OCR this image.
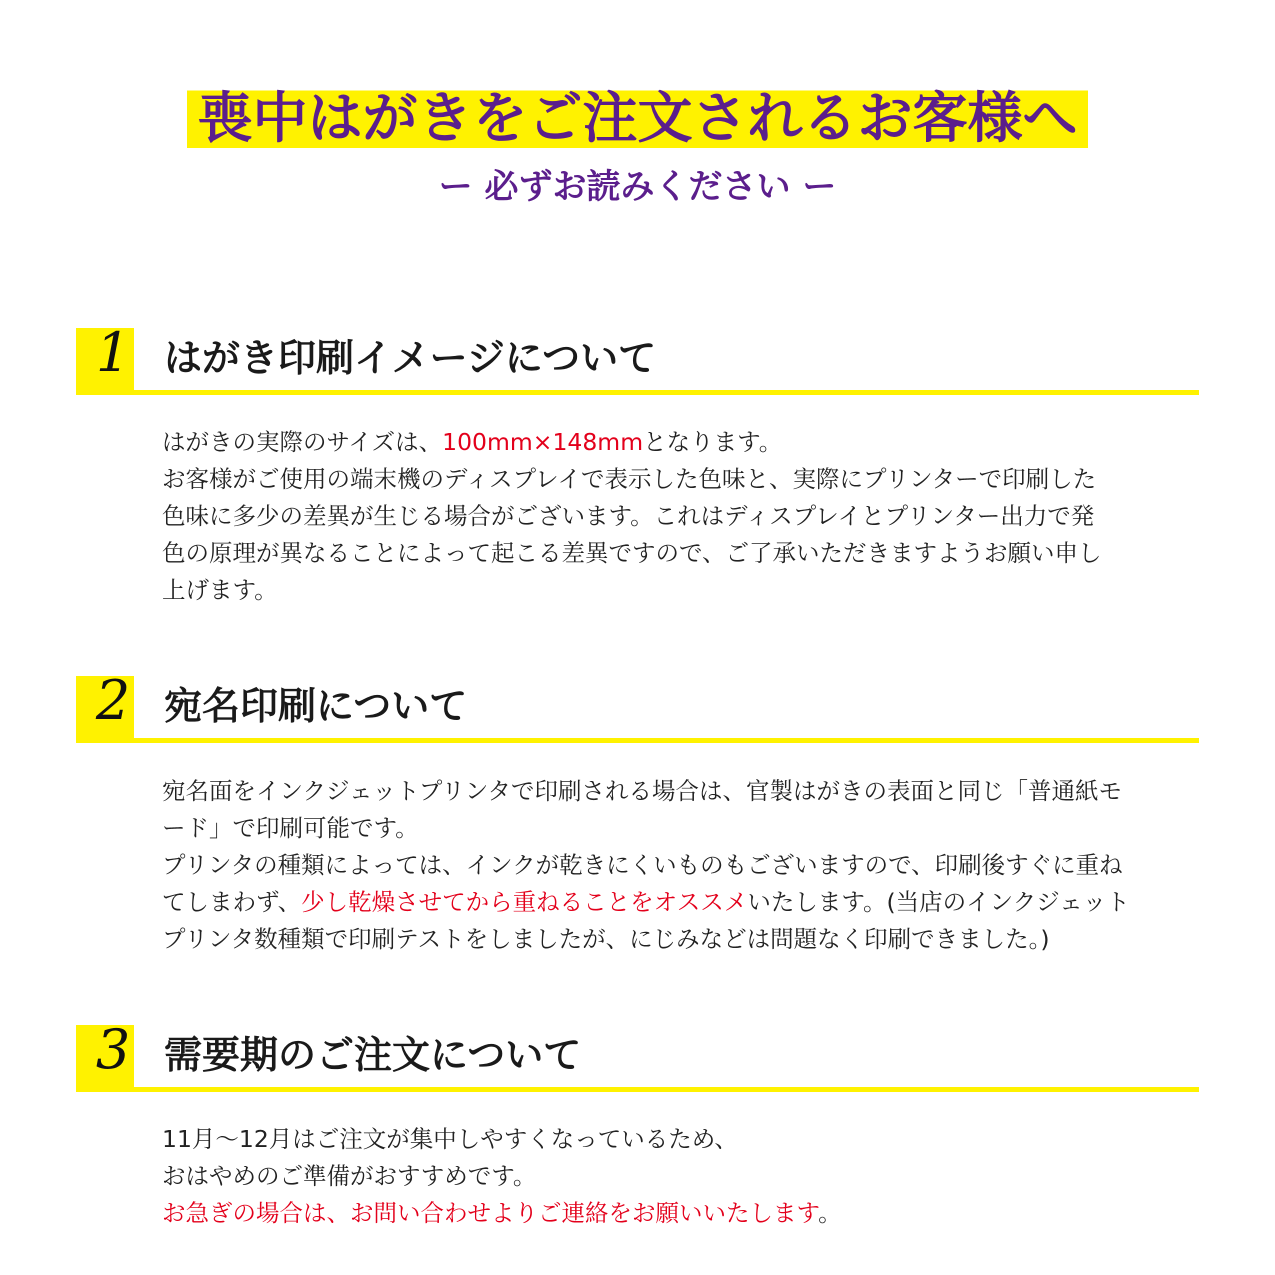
喪中はがきをご注文されるお客様へ
ー 必ずお読みください ー
1 はがき印刷イメージについて
はがきの実際のサイズは、100mm×148mmとなります。
お客様がご使用の端末機のディスプレイで表示した色味と、実際にプリンターで印刷した
色味に多少の差異が生じる場合がございます。これはディスプレイとプリンター出力で発
色の原理が異なることによって起こる差異ですので、ご了承いただきますようお願い申し
上げます。
2 宛名印刷について
宛名面をインクジェットプリンタで印刷される場合は、官製はがきの表面と同じ「普通紙モ
ード」で印刷可能です。
プリンタの種類によっては、インクが乾きにくいものもございますので、印刷後すぐに重ね
てしまわず、少し乾燥させてから重ねることをオススメいたします。(当店のインクジェット
プリンタ数種類で印刷テストをしましたが、にじみなどは問題なく印刷できました。)
3 需要期のご注文について
11月〜12月はご注文が集中しやすくなっているため、
おはやめのご準備がおすすめです。
お急ぎの場合は、お問い合わせよりご連絡をお願いいたします。
